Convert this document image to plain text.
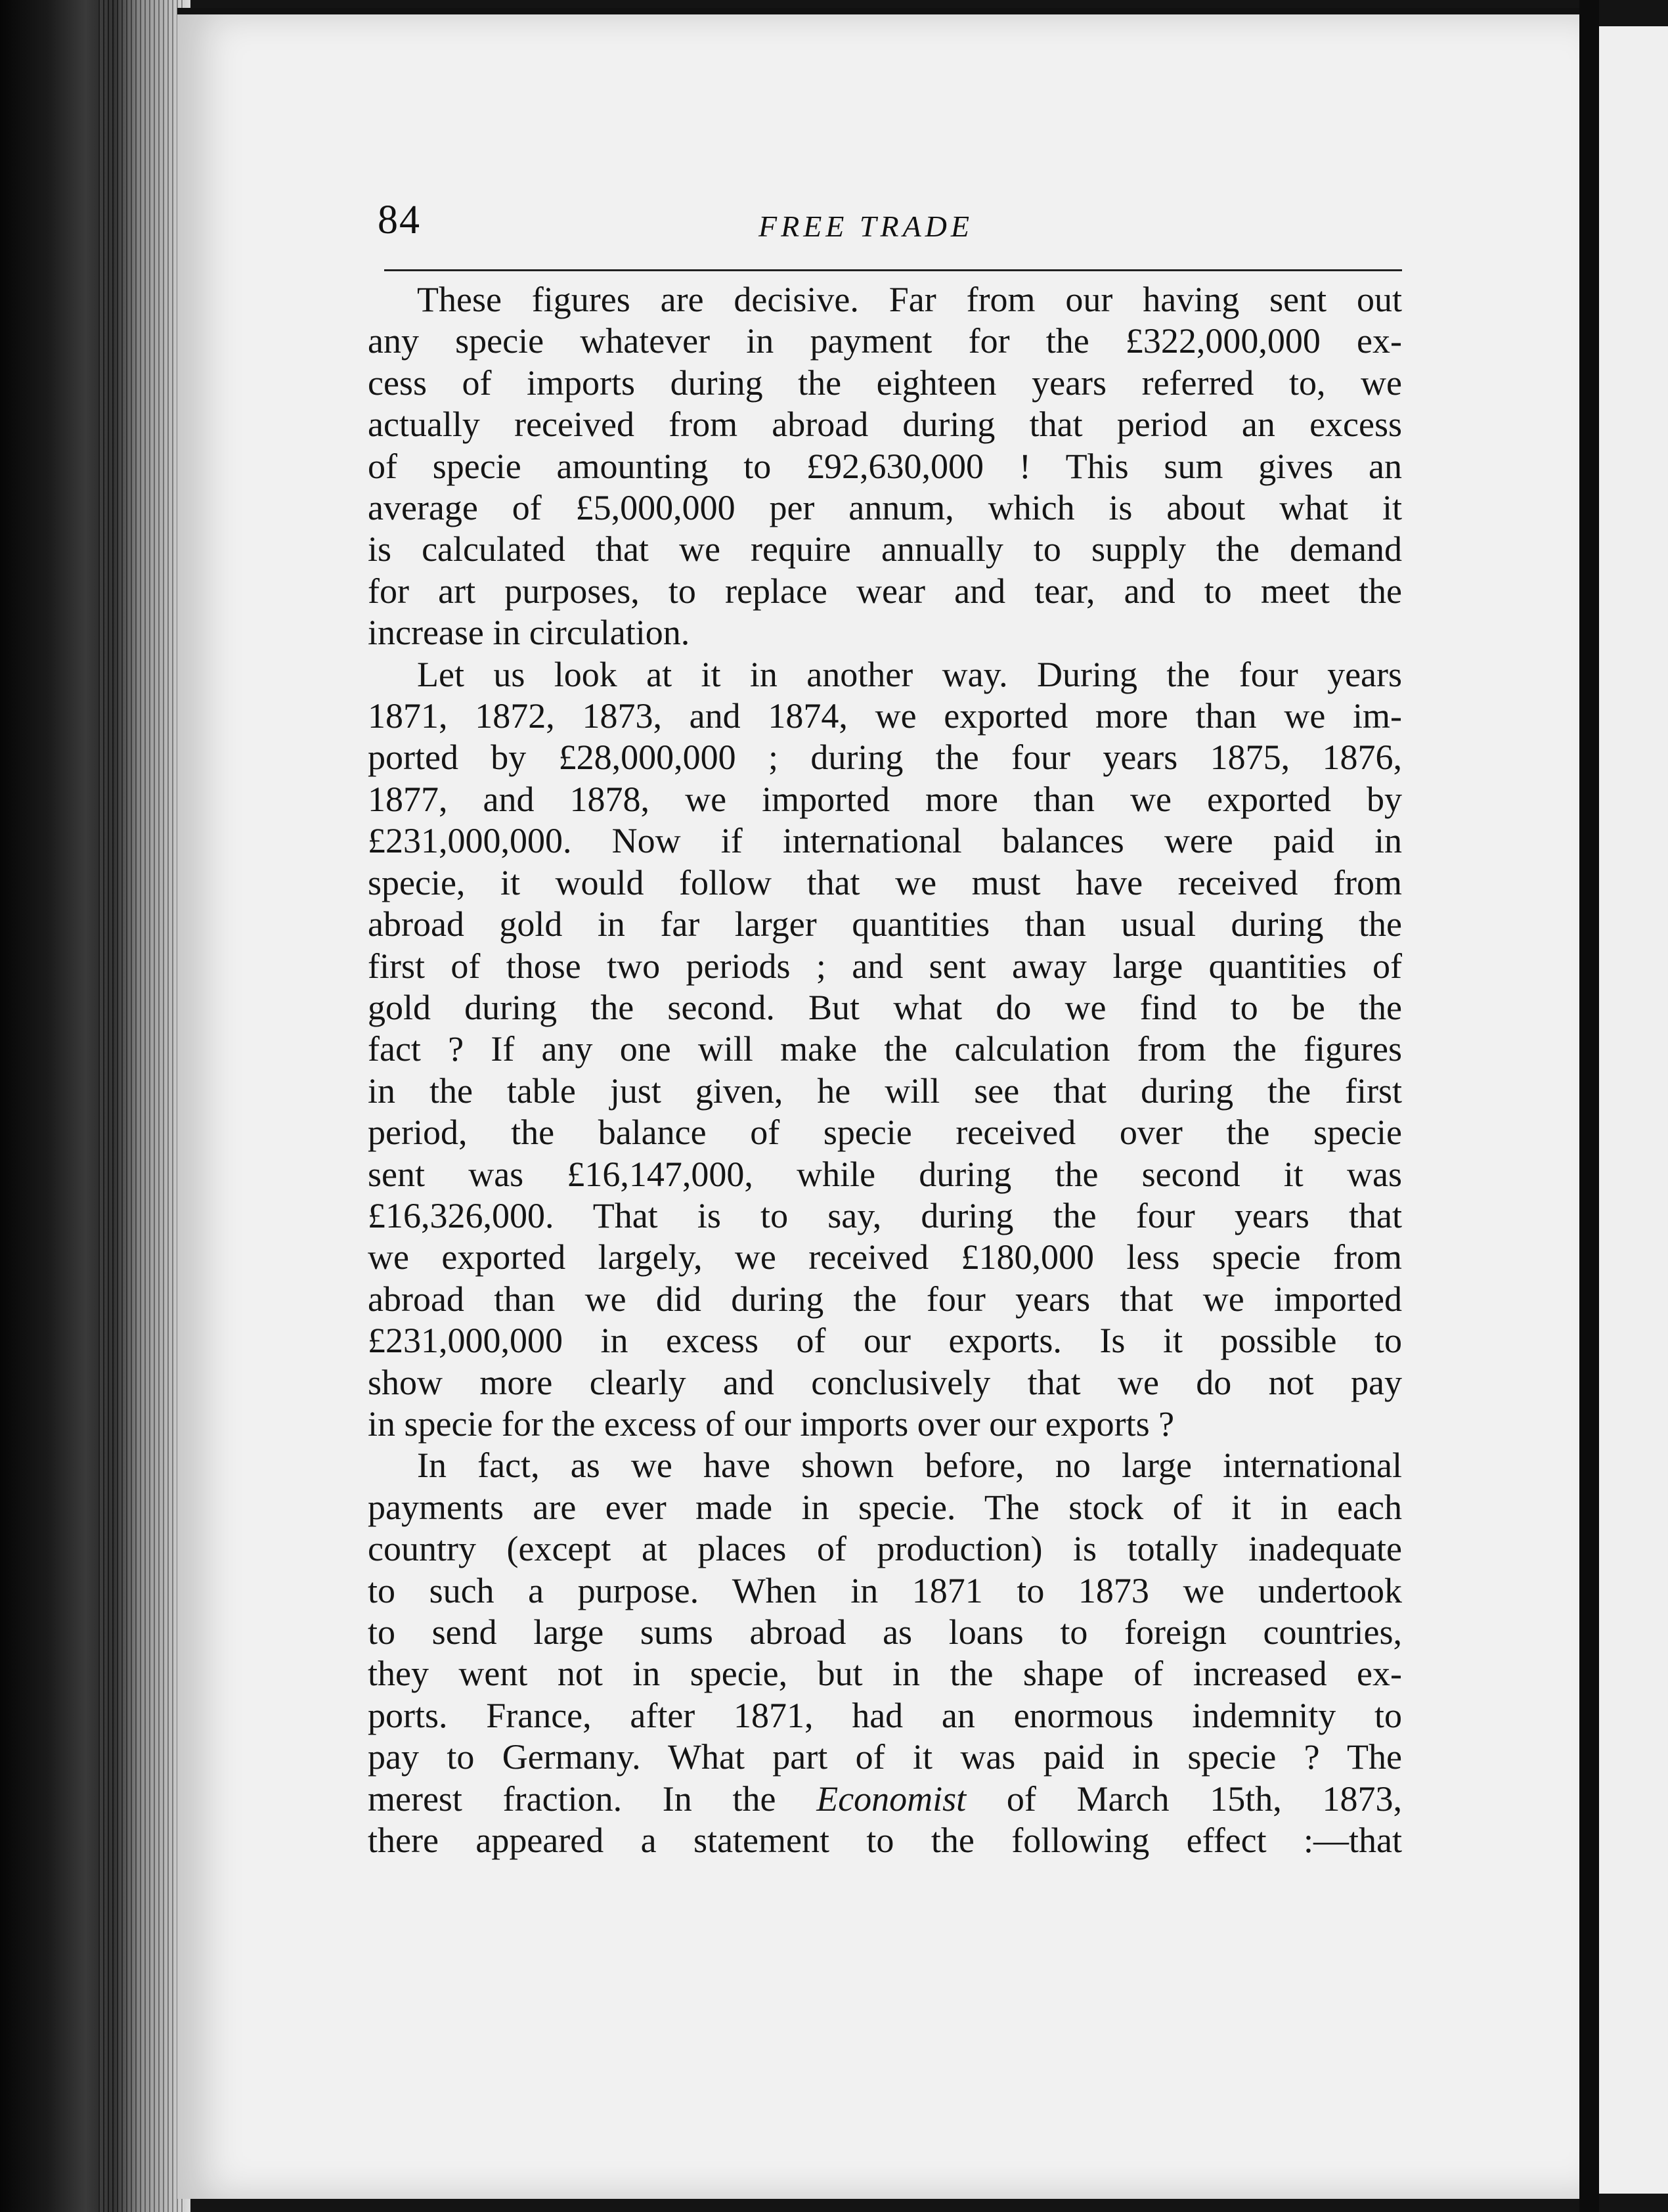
84	FREE TRADE
These figures are decisive. Far from our having sent out
any specie whatever in payment for the £322,000,000 ex-
cess of imports during the eighteen years referred to, we
actually received from abroad during that period an excess
of specie amounting to £92,630,000 ! This sum gives an
average of £5,000,000 per annum, which is about what it
is calculated that we require annually to supply the demand
for art purposes, to replace wear and tear, and to meet the
increase in circulation.
Let us look at it in another way. During the four years
1871, 1872, 1873, and 1874, we exported more than we im-
ported by £28,000,000 ; during the four years 1875, 1876,
1877, and 1878, we imported more than we exported by
£231,000,000. Now if international balances were paid in
specie, it would follow that we must have received from
abroad gold in far larger quantities than usual during the
first of those two periods ; and sent away large quantities of
gold during the second. But what do we find to be the
fact ? If any one will make the calculation from the figures
in the table just given, he will see that during the first
period, the balance of specie received over the specie
sent was £16,147,000, while during the second it was
£16,326,000. That is to say, during the four years that
we exported largely, we received £180,000 less specie from
abroad than we did during the four years that we imported
£231,000,000 in excess of our exports. Is it possible to
show more clearly and conclusively that we do not pay
in specie for the excess of our imports over our exports ?
In fact, as we have shown before, no large international
payments are ever made in specie. The stock of it in each
country (except at places of production) is totally inadequate
to such a purpose. When in 1871 to 1873 we undertook
to send large sums abroad as loans to foreign countries,
they went not in specie, but in the shape of increased ex-
ports. France, after 1871, had an enormous indemnity to
pay to Germany. What part of it was paid in specie ? The
merest fraction. In the Economist of March 15th, 1873,
there appeared a statement to the following effect :—that
